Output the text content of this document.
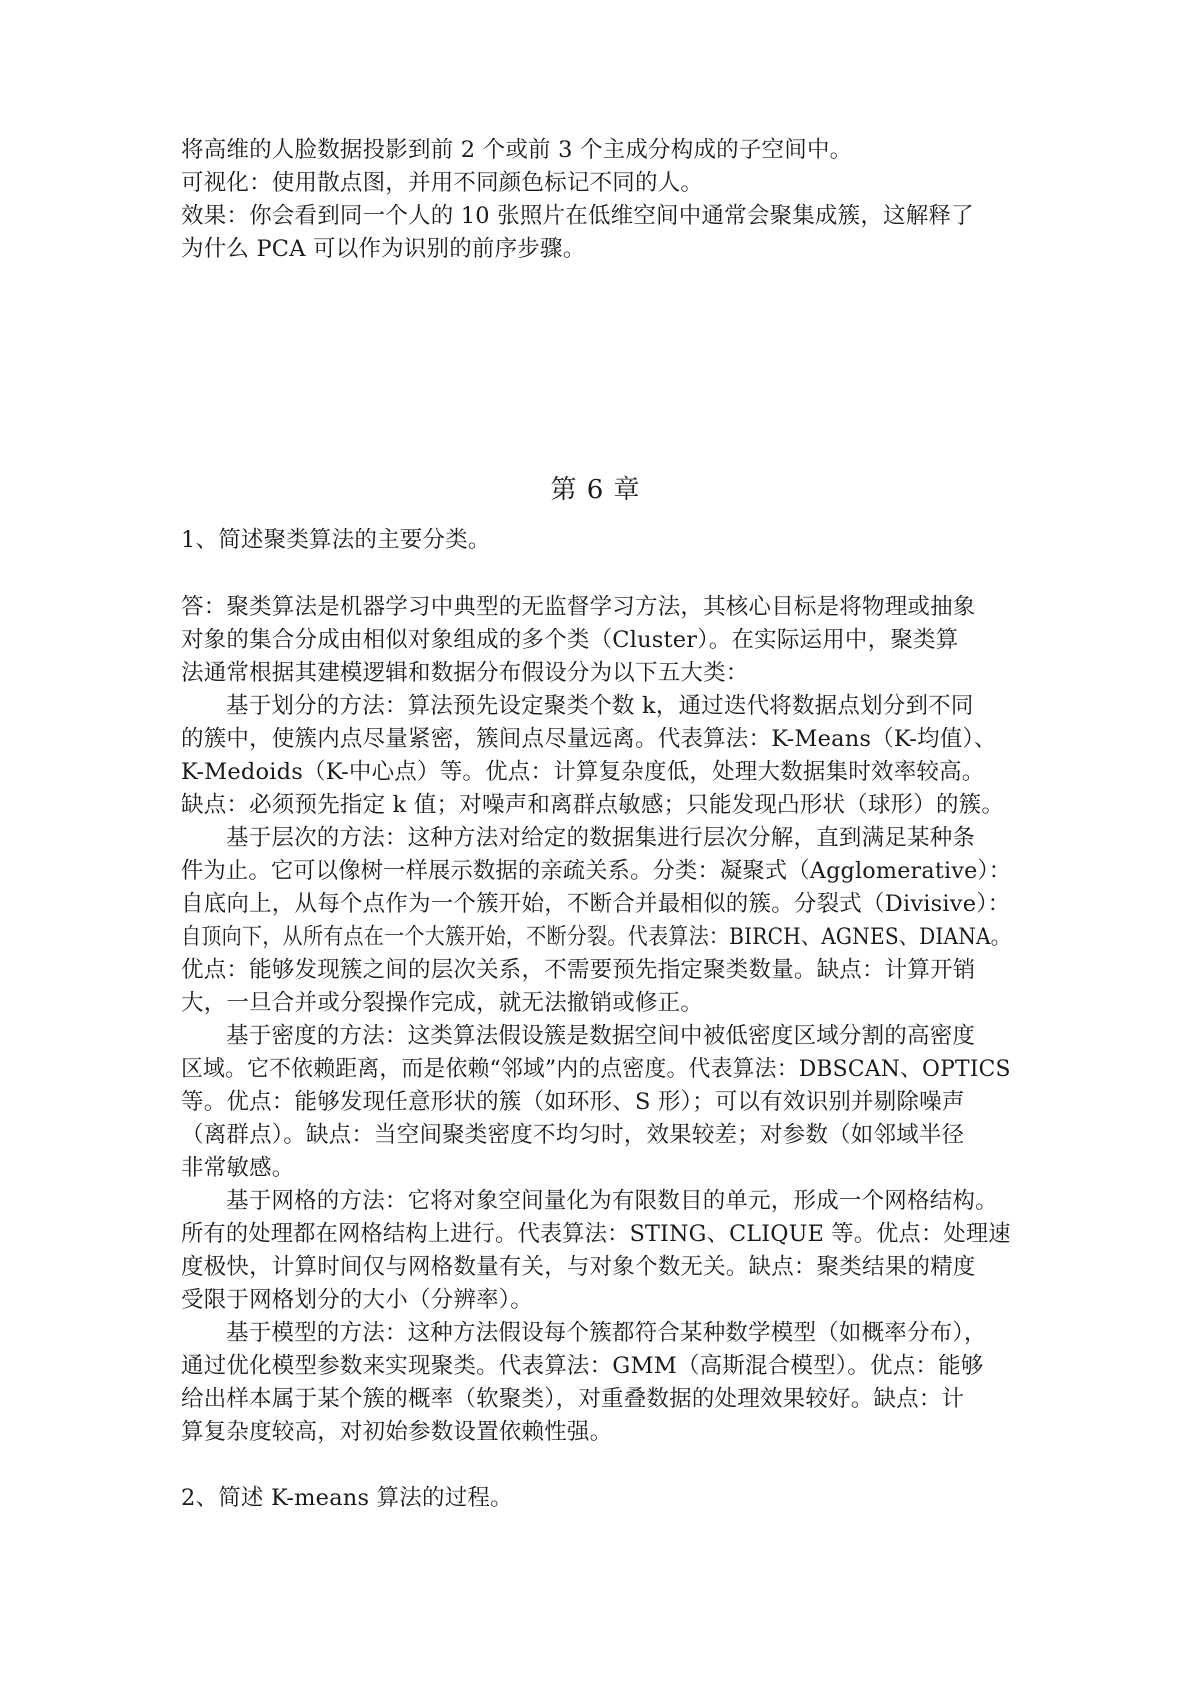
将高维的人脸数据投影到前 2 个或前 3 个主成分构成的子空间中。
可视化：使用散点图，并用不同颜色标记不同的人。
效果：你会看到同一个人的 10 张照片在低维空间中通常会聚集成簇，这解释了
为什么 PCA 可以作为识别的前序步骤。
第 6 章
1、简述聚类算法的主要分类。
答：聚类算法是机器学习中典型的无监督学习方法，其核心目标是将物理或抽象
对象的集合分成由相似对象组成的多个类（Cluster）。在实际运用中，聚类算
法通常根据其建模逻辑和数据分布假设分为以下五大类：
基于划分的方法：算法预先设定聚类个数 k，通过迭代将数据点划分到不同
的簇中，使簇内点尽量紧密，簇间点尽量远离。代表算法：K-Means（K-均值）、
K-Medoids（K-中心点）等。优点：计算复杂度低，处理大数据集时效率较高。
缺点：必须预先指定 k 值；对噪声和离群点敏感；只能发现凸形状（球形）的簇。
基于层次的方法：这种方法对给定的数据集进行层次分解，直到满足某种条
件为止。它可以像树一样展示数据的亲疏关系。分类：凝聚式（Agglomerative）：
自底向上，从每个点作为一个簇开始，不断合并最相似的簇。分裂式（Divisive）：
自顶向下，从所有点在一个大簇开始，不断分裂。代表算法：BIRCH、AGNES、DIANA。
优点：能够发现簇之间的层次关系，不需要预先指定聚类数量。缺点：计算开销
大，一旦合并或分裂操作完成，就无法撤销或修正。
基于密度的方法：这类算法假设簇是数据空间中被低密度区域分割的高密度
区域。它不依赖距离，而是依赖“邻域”内的点密度。代表算法：DBSCAN、OPTICS
等。优点：能够发现任意形状的簇（如环形、S 形）；可以有效识别并剔除噪声
（离群点）。缺点：当空间聚类密度不均匀时，效果较差；对参数（如邻域半径
非常敏感。
基于网格的方法：它将对象空间量化为有限数目的单元，形成一个网格结构。
所有的处理都在网格结构上进行。代表算法：STING、CLIQUE 等。优点：处理速
度极快，计算时间仅与网格数量有关，与对象个数无关。缺点：聚类结果的精度
受限于网格划分的大小（分辨率）。
基于模型的方法：这种方法假设每个簇都符合某种数学模型（如概率分布），
通过优化模型参数来实现聚类。代表算法：GMM（高斯混合模型）。优点：能够
给出样本属于某个簇的概率（软聚类），对重叠数据的处理效果较好。缺点：计
算复杂度较高，对初始参数设置依赖性强。
2、简述 K-means 算法的过程。
